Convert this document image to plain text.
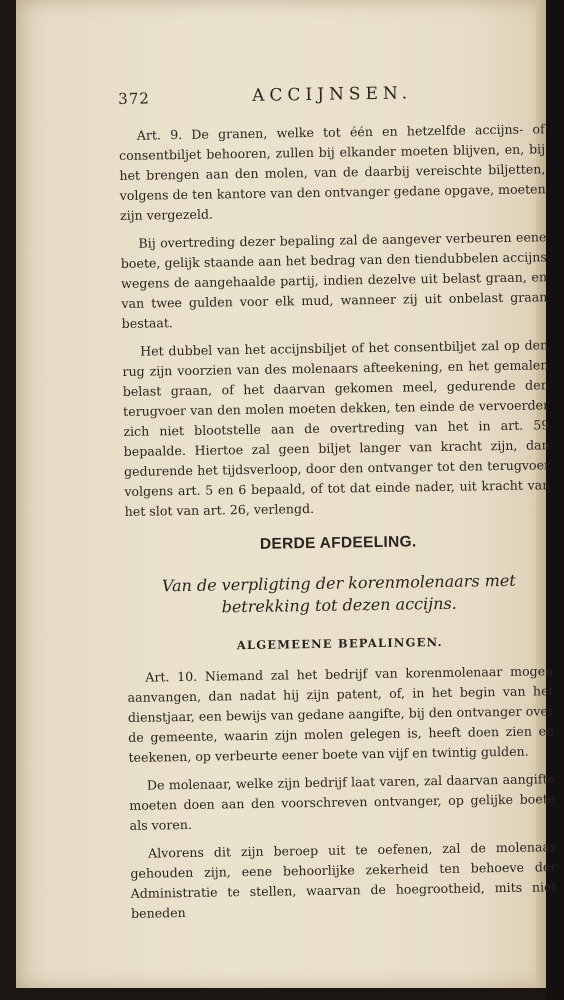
372	ACCIJNSEN.

Art. 9. De granen, welke tot één en hetzelfde accijns- of consentbiljet behooren, zullen bij elkander moeten blijven, en, bij het brengen aan den molen, van de daarbij vereischte biljetten, volgens de ten kantore van den ontvanger gedane opgave, moeten zijn vergezeld.

Bij overtreding dezer bepaling zal de aangever verbeuren eene boete, gelijk staande aan het bedrag van den tiendubbelen accijns wegens de aangehaalde partij, indien dezelve uit belast graan, en van twee gulden voor elk mud, wanneer zij uit onbelast graan bestaat.

Het dubbel van het accijnsbiljet of het consentbiljet zal op den rug zijn voorzien van des molenaars afteekening, en het gemalen belast graan, of het daarvan gekomen meel, gedurende den terugvoer van den molen moeten dekken, ten einde de vervoerder zich niet blootstelle aan de overtreding van het in art. 59 bepaalde. Hiertoe zal geen biljet langer van kracht zijn, dan gedurende het tijdsverloop, door den ontvanger tot den terugvoer volgens art. 5 en 6 bepaald, of tot dat einde nader, uit kracht van het slot van art. 26, verlengd.

DERDE AFDEELING.
Van de verpligting der korenmolenaars met betrekking tot dezen accijns.
ALGEMEENE BEPALINGEN.

Art. 10. Niemand zal het bedrijf van korenmolenaar mogen aanvangen, dan nadat hij zijn patent, of, in het begin van het dienstjaar, een bewijs van gedane aangifte, bij den ontvanger over de gemeente, waarin zijn molen gelegen is, heeft doen zien en teekenen, op verbeurte eener boete van vijf en twintig gulden.

De molenaar, welke zijn bedrijf laat varen, zal daarvan aangifte moeten doen aan den voorschreven ontvanger, op gelijke boete als voren.

Alvorens dit zijn beroep uit te oefenen, zal de molenaar gehouden zijn, eene behoorlijke zekerheid ten behoeve der Administratie te stellen, waarvan de hoegrootheid, mits niet beneden
